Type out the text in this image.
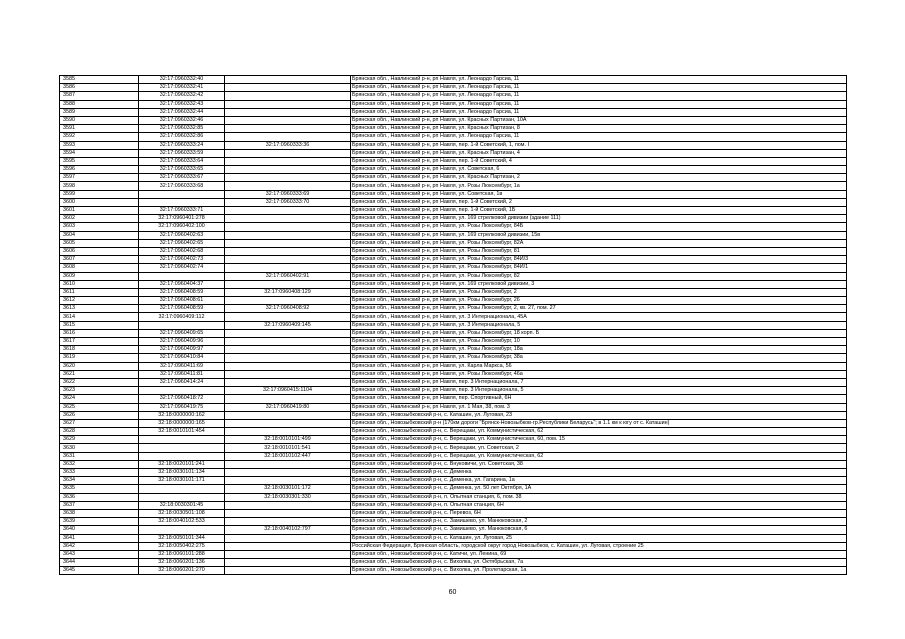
3585	32:17:0960332:40		Брянская обл., Навлинский р-н, рп Навля, ул. Леонардо Гарсиа, 11
3586	32:17:0960332:41		Брянская обл., Навлинский р-н, рп Навля, ул. Леонардо Гарсиа, 11
3587	32:17:0960332:42		Брянская обл., Навлинский р-н, рп Навля, ул. Леонардо Гарсиа, 11
3588	32:17:0960332:43		Брянская обл., Навлинский р-н, рп Навля, ул. Леонардо Гарсиа, 11
3589	32:17:0960332:44		Брянская обл., Навлинский р-н, рп Навля, ул. Леонардо Гарсиа, 11
3590	32:17:0960332:46		Брянская обл., Навлинский р-н, рп Навля, ул. Красных Партизан, 10А
3591	32:17:0960332:85		Брянская обл., Навлинский р-н, рп Навля, ул. Красных Партизан, 8
3592	32:17:0960332:86		Брянская обл., Навлинский р-н, рп Навля, ул. Леонардо Гарсиа, 11
3593	32:17:0960333:24	32:17:0960333:36	Брянская обл., Навлинский р-н, рп Навля, пер. 1-й Советский, 1, пом. I
3594	32:17:0960333:59		Брянская обл., Навлинский р-н, рп Навля, ул. Красных Партизан, 4
3595	32:17:0960333:64		Брянская обл., Навлинский р-н, рп Навля, пер. 1-й Советский, 4
3596	32:17:0960333:65		Брянская обл., Навлинский р-н, рп Навля, ул. Советская, 6
3597	32:17:0960333:67		Брянская обл., Навлинский р-н, рп Навля, ул. Красных Партизан, 2
3598	32:17:0960333:68		Брянская обл., Навлинский р-н, рп Навля, ул. Розы Люксембург, 1а
3599		32:17:0960333:69	Брянская обл., Навлинский р-н, рп Навля, ул. Советская, 1в
3600		32:17:0960333:70	Брянская обл., Навлинский р-н, рп Навля, пер. 1-й Советский, 2
3601	32:17:0960333:71		Брянская обл., Навлинский р-н, рп Навля, пер. 1-й Советский, 1Б
3602	32:17:0960401:278		Брянская обл., Навлинский р-н, рп Навля, ул. 169 стрелковой дивизии (здание 111)
3603	32:17:0960402:100		Брянская обл., Навлинский р-н, рп Навля, ул. Розы Люксембург, 84Б
3604	32:17:0960402:63		Брянская обл., Навлинский р-н, рп Навля, ул. 169 стрелковой дивизии, 15в
3605	32:17:0960402:65		Брянская обл., Навлинский р-н, рп Навля, ул. Розы Люксембург, 82А
3606	32:17:0960402:68		Брянская обл., Навлинский р-н, рп Навля, ул. Розы Люксембург, 81
3607	32:17:0960402:73		Брянская обл., Навлинский р-н, рп Навля, ул. Розы Люксембург, 84И/3
3608	32:17:0960402:74		Брянская обл., Навлинский р-н, рп Навля, ул. Розы Люксембург, 84И/1
3609		32:17:0960402:91	Брянская обл., Навлинский р-н, рп Навля, ул. Розы Люксембург, 82
3610	32:17:0960404:37		Брянская обл., Навлинский р-н, рп Навля, ул. 169 стрелковой дивизии, 3
3611	32:17:0960408:59	32:17:0960408:129	Брянская обл., Навлинский р-н, рп Навля, ул. Розы Люксембург, 2
3612	32:17:0960408:61		Брянская обл., Навлинский р-н, рп Навля, ул. Розы Люксембург, 26
3613	32:17:0960408:59	32:17:0960408:92	Брянская обл., Навлинский р-н, рп Навля, ул. Розы Люксембург, 2, кв. 27, пом. 27
3614	32:17:0960409:112		Брянская обл., Навлинский р-н, рп Навля, ул. 3 Интернационала, 45А
3615		32:17:0960409:145	Брянская обл., Навлинский р-н, рп Навля, ул. 3 Интернационала, 5
3616	32:17:0960409:65		Брянская обл., Навлинский р-н, рп Навля, ул. Розы Люксембург, 18 корп. Б
3617	32:17:0960409:96		Брянская обл., Навлинский р-н, рп Навля, ул. Розы Люксембург, 10
3618	32:17:0960409:97		Брянская обл., Навлинский р-н, рп Навля, ул. Розы Люксембург, 18а
3619	32:17:0960410:84		Брянская обл., Навлинский р-н, рп Навля, ул. Розы Люксембург, 38а
3620	32:17:0960411:69		Брянская обл., Навлинский р-н, рп Навля, ул. Карла Маркса, 56
3621	32:17:0960411:81		Брянская обл., Навлинский р-н, рп Навля, ул. Розы Люксембург, 46а
3622	32:17:0960414:24		Брянская обл., Навлинский р-н, рп Навля, пер. 3 Интернационала, 7
3623		32:17:0960415:1104	Брянская обл., Навлинский р-н, рп Навля, пер. 3 Интернационала, 5
3624	32:17:0960418:72		Брянская обл., Навлинский р-н, рп Навля, пер. Спортивный, 6Н
3625	32:17:0960419:75	32:17:0960419:80	Брянская обл., Навлинский р-н, рп Навля, ул. 1 Мая, 38, пом. 3
3626	32:18:0000000:162		Брянская обл., Новозыбковский р-н, с. Каташин, ул. Луговая, 23
3627	32:18:0000000:165		Брянская обл., Новозыбковский р-н (170км дороги "Брянск-Новозыбков-гр.Республики Беларусь"; в 1.1 км к югу от с. Каташин)
3628	32:18:0010101:454		Брянская обл., Новозыбковский р-н, с. Верещаки, ул. Коммунистическая, 62
3629		32:18:0010101:499	Брянская обл., Новозыбковский р-н, с. Верещаки, ул. Коммунистическая, 60, пом. 15
3630		32:18:0010101:541	Брянская обл., Новозыбковский р-н, с. Верещаки, ул. Советская, 2
3631		32:18:0010102:447	Брянская обл., Новозыбковский р-н, с. Верещаки, ул. Коммунистическая, 62
3632	32:18:0020101:241		Брянская обл., Новозыбковский р-н, с. Внуковичи, ул. Советская, 38
3633	32:18:0030101:134		Брянская обл., Новозыбковский р-н, с. Деменка
3634	32:18:0030101:171		Брянская обл., Новозыбковский р-н, с. Деменка, ул. Гагарина, 1а
3635		32:18:0030101:172	Брянская обл., Новозыбковский р-н, с. Деменка, ул. 50 лет Октября, 1А
3636		32:18:0030301:330	Брянская обл., Новозыбковский р-н, п. Опытная станция, 6, пом. 38
3637	32:18:0030301:45		Брянская обл., Новозыбковский р-н, п. Опытная станция, 6Н
3638	32:18:0030501:108		Брянская обл., Новозыбковский р-н, с. Перевоз, 6Н
3639	32:18:0040102:533		Брянская обл., Новозыбковский р-н, с. Замишево, ул. Манюковская, 2
3640		32:18:0040102:797	Брянская обл., Новозыбковский р-н, с. Замишево, ул. Манюковская, 6
3641	32:18:0050101:344		Брянская обл., Новозыбковский р-н, с. Каташин, ул. Луговая, 25
3642	32:18:0050402:275		Российская Федерация, Брянская область, городской округ город Новозыбков, с. Каташин, ул. Луговая, строение 25
3643	32:18:0060101:288		Брянская обл., Новозыбковский р-н, с. Катичи, ул. Ленина, 69
3644	32:18:0060201:136		Брянская обл., Новозыбковский р-н, с. Вихолка, ул. Октябрьская, 7а
3645	32:18:0060201:270		Брянская обл., Новозыбковский р-н, с. Вихолка, ул. Пролетарская, 1а
60
